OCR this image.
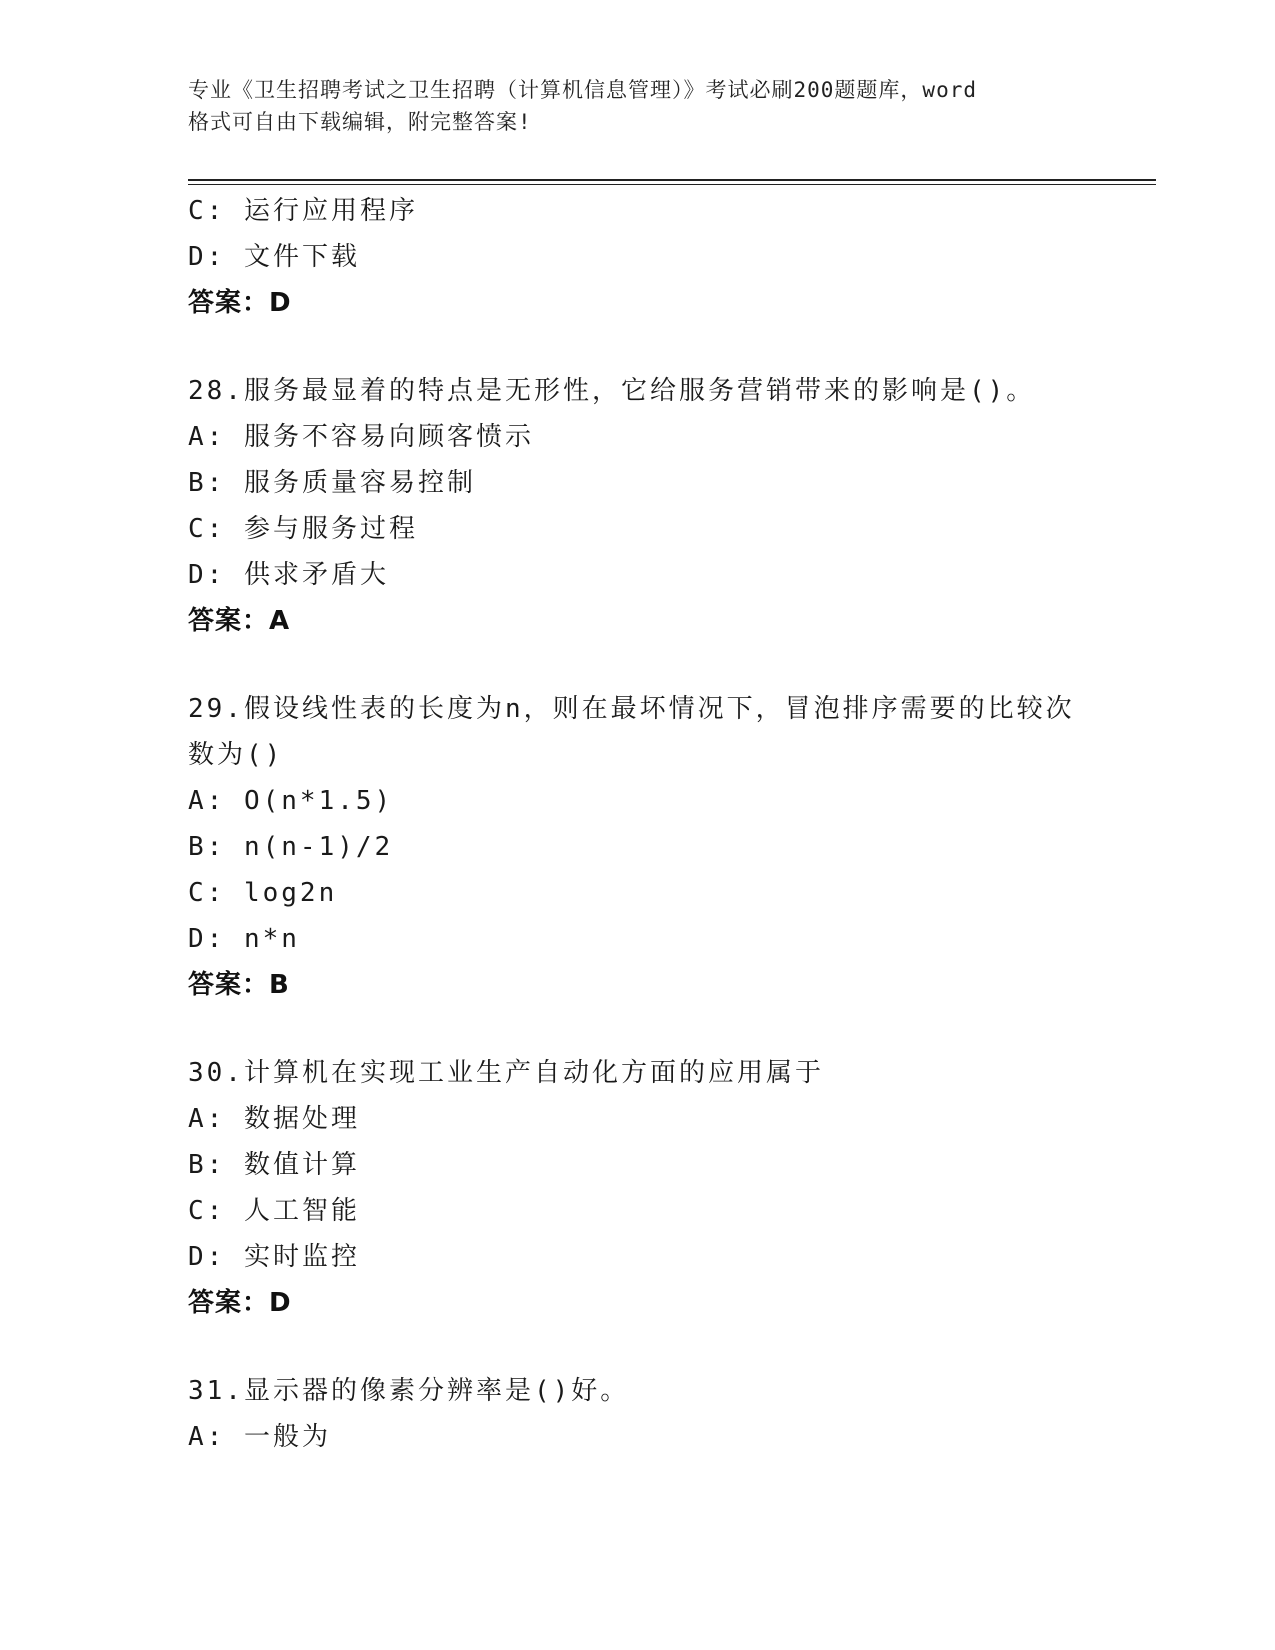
专业《卫生招聘考试之卫生招聘（计算机信息管理）》考试必刷200题题库，word
格式可自由下载编辑，附完整答案!
C: 运行应用程序
D: 文件下载
答案：D
28.服务最显着的特点是无形性，它给服务营销带来的影响是()。
A: 服务不容易向顾客愤示
B: 服务质量容易控制
C: 参与服务过程
D: 供求矛盾大
答案：A
29.假设线性表的长度为n，则在最坏情况下，冒泡排序需要的比较次
数为()
A: O(n*1.5)
B: n(n-1)/2
C: log2n
D: n*n
答案：B
30.计算机在实现工业生产自动化方面的应用属于
A: 数据处理
B: 数值计算
C: 人工智能
D: 实时监控
答案：D
31.显示器的像素分辨率是()好。
A: 一般为
